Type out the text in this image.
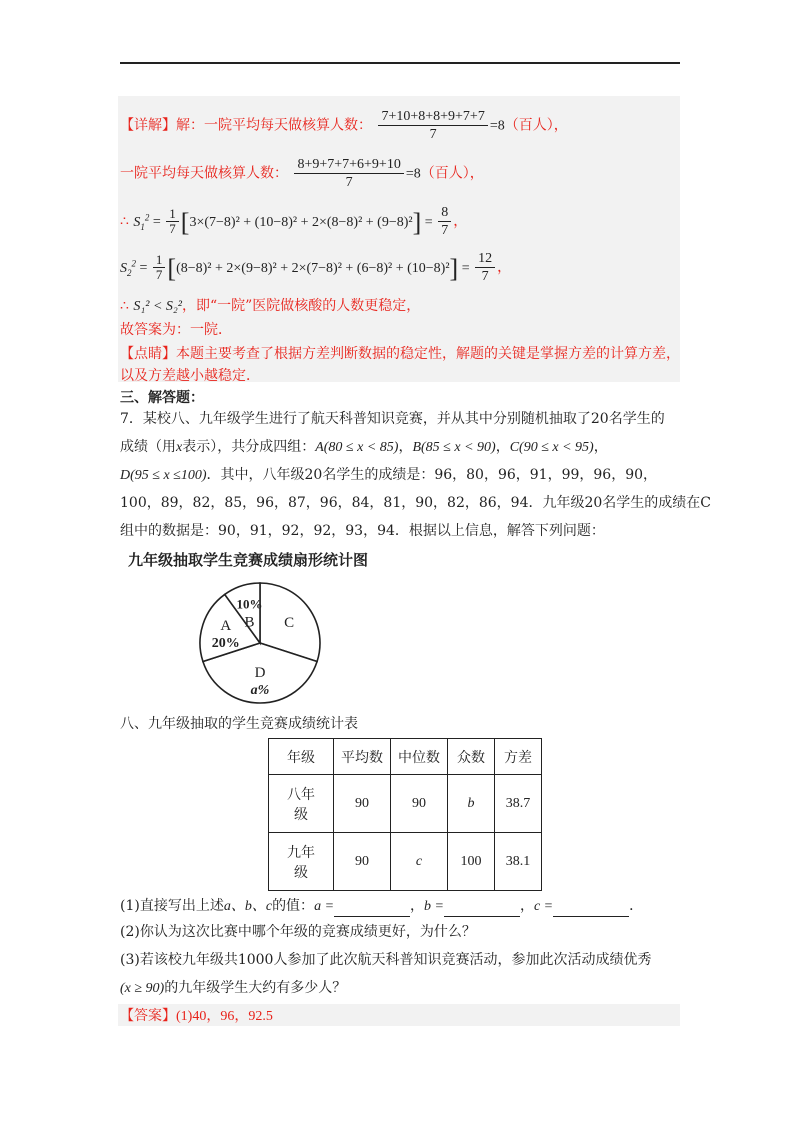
【详解】解：一院平均每天做核算人数： $\frac{7+10+8+8+9+7+7}{7} =8$（百人），
一院平均每天做核算人数： $\frac{8+9+7+7+6+9+10}{7} =8$（百人），
∴ $S_1^2 = \frac{1}{7} [3\times(7-8)^2 + (10-8)^2 + 2\times(8-8)^2 + (9-8)^2] = \frac{8}{7}$ ，
$S_2^2 = \frac{1}{7} [(8-8)^2 + 2\times(9-8)^2 + 2\times(7-8)^2 + (6-8)^2 + (10-8)^2] = \frac{12}{7}$ ，
∴ S₁² < S₂²，即“一院”医院做核酸的人数更稳定，
故答案为：一院．
【点睛】本题主要考查了根据方差判断数据的稳定性，解题的关键是掌握方差的计算方差，
以及方差越小越稳定．
三、解答题：
7．某校八、九年级学生进行了航天科普知识竞赛，并从其中分别随机抽取了20名学生的
成绩（用x表示），共分成四组：A(80 ≤ x < 85)，B(85 ≤ x < 90)，C(90 ≤ x < 95)，
D(95 ≤ x ≤100)．其中，八年级20名学生的成绩是：96，80，96，91，99，96，90，
100，89，82，85，96，87，96，84，81，90，82，86，94．九年级20名学生的成绩在C
组中的数据是：90，91，92，92，93，94．根据以上信息，解答下列问题：
九年级抽取学生竞赛成绩扇形统计图
C
D
a%
A
20%
B
10%
八、九年级抽取的学生竞赛成绩统计表
年级	平均数	中位数	众数	方差
八年
级	90	90	b	38.7
九年
级	90	c	100	38.1
(1)直接写出上述a、b、c的值：a =	，b =	，c =	．
(2)你认为这次比赛中哪个年级的竞赛成绩更好，为什么？
(3)若该校九年级共1000人参加了此次航天科普知识竞赛活动，参加此次活动成绩优秀
(x ≥ 90)的九年级学生大约有多少人？
【答案】(1)40，96，92.5
